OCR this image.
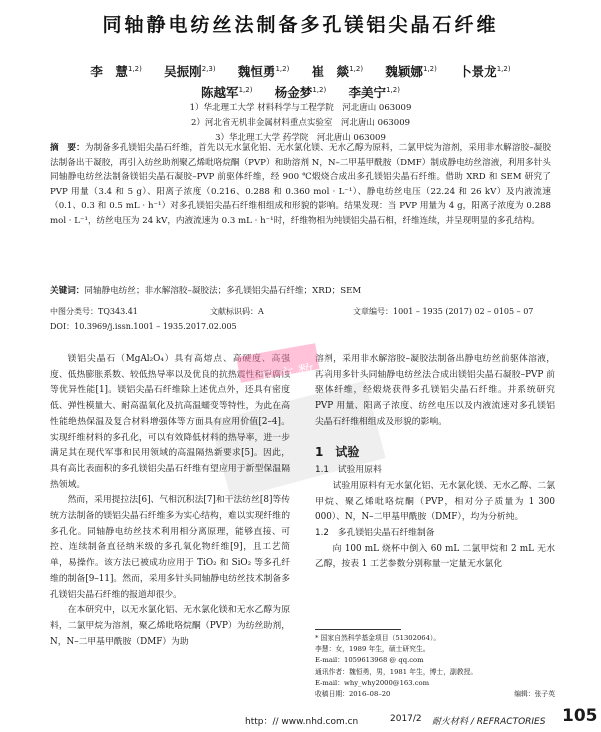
同轴静电纺丝法制备多孔镁铝尖晶石纤维
李　慧$^{1,2)}$ 吴振刚$^{2,3)}$ 魏恒勇$^{1,2)}$ 崔　燚$^{1,2)}$ 魏颖娜$^{1,2)}$ 卜景龙$^{1,2)}$
陈越军$^{1,2)}$ 杨金梦$^{1,2)}$ 李美宁$^{1,2)}$
1）华北理工大学 材料科学与工程学院　河北唐山 063009
2）河北省无机非金属材料重点实验室　河北唐山 063009
3）华北理工大学 药学院　河北唐山 063009
摘　要：为制备多孔镁铝尖晶石纤维，首先以无水氯化铝、无水氯化镁、无水乙醇为原料，二氯甲烷为溶剂，采用非水解溶胶–凝胶法制备出干凝胶，再引入纺丝助剂聚乙烯吡咯烷酮（PVP）和助溶剂 N，N–二甲基甲酰胺（DMF）制成静电纺丝溶液，利用多针头同轴静电纺丝法制备镁铝尖晶石凝胶–PVP 前驱体纤维，经 900 ℃煅烧合成出多孔镁铝尖晶石纤维。借助 XRD 和 SEM 研究了 PVP 用量（3.4 和 5 g）、阳离子浓度（0.216、0.288 和 0.360 mol · L⁻¹）、静电纺丝电压（22.24 和 26 kV）及内液流速（0.1、0.3 和 0.5 mL · h⁻¹）对多孔镁铝尖晶石纤维相组成和形貌的影响。结果发现：当 PVP 用量为 4 g，阳离子浓度为 0.288 mol · L⁻¹，纺丝电压为 24 kV，内液流速为 0.3 mL · h⁻¹时，纤维物相为纯镁铝尖晶石相，纤维连续，并呈现明显的多孔结构。
关键词：同轴静电纺丝；非水解溶胶–凝胶法；多孔镁铝尖晶石纤维；XRD；SEM
中图分类号：TQ343.41	文献标识码：A	文章编号：1001 – 1935 (2017) 02 – 0105 – 07
DOI：10.3969/j.issn.1001 – 1935.2017.02.005

镁铝尖晶石（MgAl₂O₄）具有高熔点、高硬度、高强度、低热膨胀系数、较低热导率以及优良的抗热震性和耐腐蚀等优异性能[1]。镁铝尖晶石纤维除上述优点外，还具有密度低、弹性模量大、耐高温氧化及抗高温蠕变等特性，为此在高性能绝热保温及复合材料增强体等方面具有应用价值[2–4]。实现纤维材料的多孔化，可以有效降低材料的热导率，进一步满足其在现代军事和民用领域的高温隔热新要求[5]。因此，具有高比表面积的多孔镁铝尖晶石纤维有望应用于新型保温隔热领域。

然而，采用提拉法[6]、气相沉积法[7]和干法纺丝[8]等传统方法制备的镁铝尖晶石纤维多为实心结构，难以实现纤维的多孔化。同轴静电纺丝技术利用相分离原理，能够直接、可控、连续制备直径纳米级的多孔氧化物纤维[9]，且工艺简单，易操作。该方法已被成功应用于 TiO₂ 和 SiO₂ 等多孔纤维的制备[9–11]。然而，采用多针头同轴静电纺丝技术制备多孔镁铝尖晶石纤维的报道却很少。

在本研究中，以无水氯化铝、无水氯化镁和无水乙醇为原料，二氯甲烷为溶剂，聚乙烯吡咯烷酮（PVP）为纺丝助剂，N，N–二甲基甲酰胺（DMF）为助

溶剂，采用非水解溶胶–凝胶法制备出静电纺丝前驱体溶液，再利用多针头同轴静电纺丝法合成出镁铝尖晶石凝胶–PVP 前驱体纤维，经煅烧获得多孔镁铝尖晶石纤维。并系统研究 PVP 用量、阳离子浓度、纺丝电压以及内液流速对多孔镁铝尖晶石纤维相组成及形貌的影响。

1　试验
1.1　试验用原料

试验用原料有无水氯化铝、无水氯化镁、无水乙醇、二氯甲烷、聚乙烯吡咯烷酮（PVP，相对分子质量为 1 300 000）、N，N–二甲基甲酰胺（DMF），均为分析纯。

1.2　多孔镁铝尖晶石纤维制备

向 100 mL 烧杯中倒入 60 mL 二氯甲烷和 2 mL 无水乙醇，按表 1 工艺参数分别称量一定量无水氯化

万方数据
* 国家自然科学基金项目（51302064）。
李慧：女，1989 年生，硕士研究生。
E-mail：1059613968 @ qq.com
通讯作者：魏恒勇，男，1981 年生，博士，副教授。
E-mail：why_why2000@163.com
收稿日期：2016–08–20	编辑：张子英
http：// www.nhd.com.cn	2017/2 耐火材料 / REFRACTORIES 105
